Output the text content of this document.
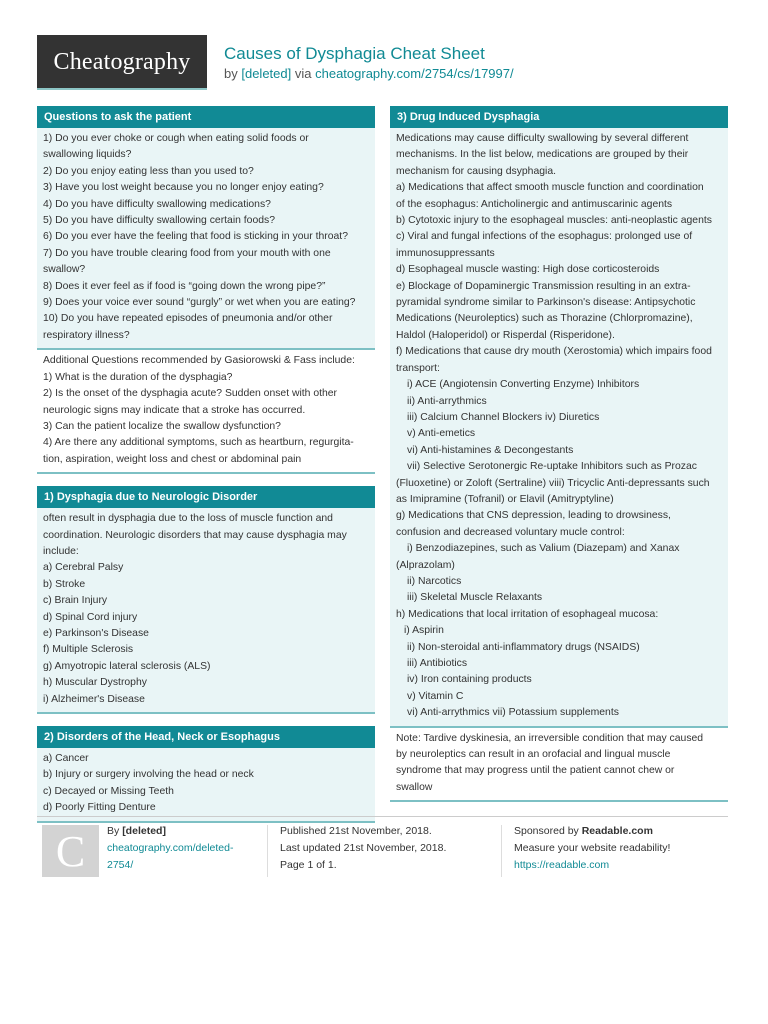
Cheatography	Causes of Dysphagia Cheat Sheet
by [deleted] via cheatography.com/2754/cs/17997/
Questions to ask the patient
1) Do you ever choke or cough when eating solid foods or
swallowing liquids?
2) Do you enjoy eating less than you used to?
3) Have you lost weight because you no longer enjoy eating?
4) Do you have difficulty swallowing medications?
5) Do you have difficulty swallowing certain foods?
6) Do you ever have the feeling that food is sticking in your throat?
7) Do you have trouble clearing food from your mouth with one
swallow?
8) Does it ever feel as if food is “going down the wrong pipe?”
9) Does your voice ever sound “gurgly” or wet when you are eating?
10) Do you have repeated episodes of pneumonia and/or other
respiratory illness?
Additional Questions recommended by Gasiorowski & Fass include:
1) What is the duration of the dysphagia?
2) Is the onset of the dysphagia acute? Sudden onset with other
neurologic signs may indicate that a stroke has occurred.
3) Can the patient localize the swallow dysfunction?
4) Are there any additional symptoms, such as heartburn, regurgita-
tion, aspiration, weight loss and chest or abdominal pain
1) Dysphagia due to Neurologic Disorder
often result in dysphagia due to the loss of muscle function and
coordination. Neurologic disorders that may cause dysphagia may
include:
a) Cerebral Palsy
b) Stroke
c) Brain Injury
d) Spinal Cord injury
e) Parkinson's Disease
f) Multiple Sclerosis
g) Amyotropic lateral sclerosis (ALS)
h) Muscular Dystrophy
i) Alzheimer's Disease
2) Disorders of the Head, Neck or Esophagus
a) Cancer
b) Injury or surgery involving the head or neck
c) Decayed or Missing Teeth
d) Poorly Fitting Denture
3) Drug Induced Dysphagia
Medications may cause difficulty swallowing by several different
mechanisms. In the list below, medications are grouped by their
mechanism for causing dsyphagia.
a) Medications that affect smooth muscle function and coordination
of the esophagus: Anticholinergic and antimuscarinic agents
b) Cytotoxic injury to the esophageal muscles: anti-neoplastic agents
c) Viral and fungal infections of the esophagus: prolonged use of
immunosuppressants
d) Esophageal muscle wasting: High dose corticosteroids
e) Blockage of Dopaminergic Transmission resulting in an extra-
pyramidal syndrome similar to Parkinson's disease: Antipsychotic
Medications (Neuroleptics) such as Thorazine (Chlorpromazine),
Haldol (Haloperidol) or Risperdal (Risperidone).
f) Medications that cause dry mouth (Xerostomia) which impairs food
transport:
i) ACE (Angiotensin Converting Enzyme) Inhibitors
ii) Anti-arrythmics
iii) Calcium Channel Blockers iv) Diuretics
v) Anti-emetics
vi) Anti-histamines & Decongestants
vii) Selective Serotonergic Re-uptake Inhibitors such as Prozac
(Fluoxetine) or Zoloft (Sertraline) viii) Tricyclic Anti-depressants such
as Imipramine (Tofranil) or Elavil (Amitryptyline)
g) Medications that CNS depression, leading to drowsiness,
confusion and decreased voluntary mucle control:
i) Benzodiazepines, such as Valium (Diazepam) and Xanax
(Alprazolam)
ii) Narcotics
iii) Skeletal Muscle Relaxants
h) Medications that local irritation of esophageal mucosa:
i) Aspirin
ii) Non-steroidal anti-inflammatory drugs (NSAIDS)
iii) Antibiotics
iv) Iron containing products
v) Vitamin C
vi) Anti-arrythmics vii) Potassium supplements
Note: Tardive dyskinesia, an irreversible condition that may caused
by neuroleptics can result in an orofacial and lingual muscle
syndrome that may progress until the patient cannot chew or
swallow
C	By [deleted]
cheatography.com/deleted-
2754/
Published 21st November, 2018.
Last updated 21st November, 2018.
Page 1 of 1.
Sponsored by Readable.com
Measure your website readability!
https://readable.com
